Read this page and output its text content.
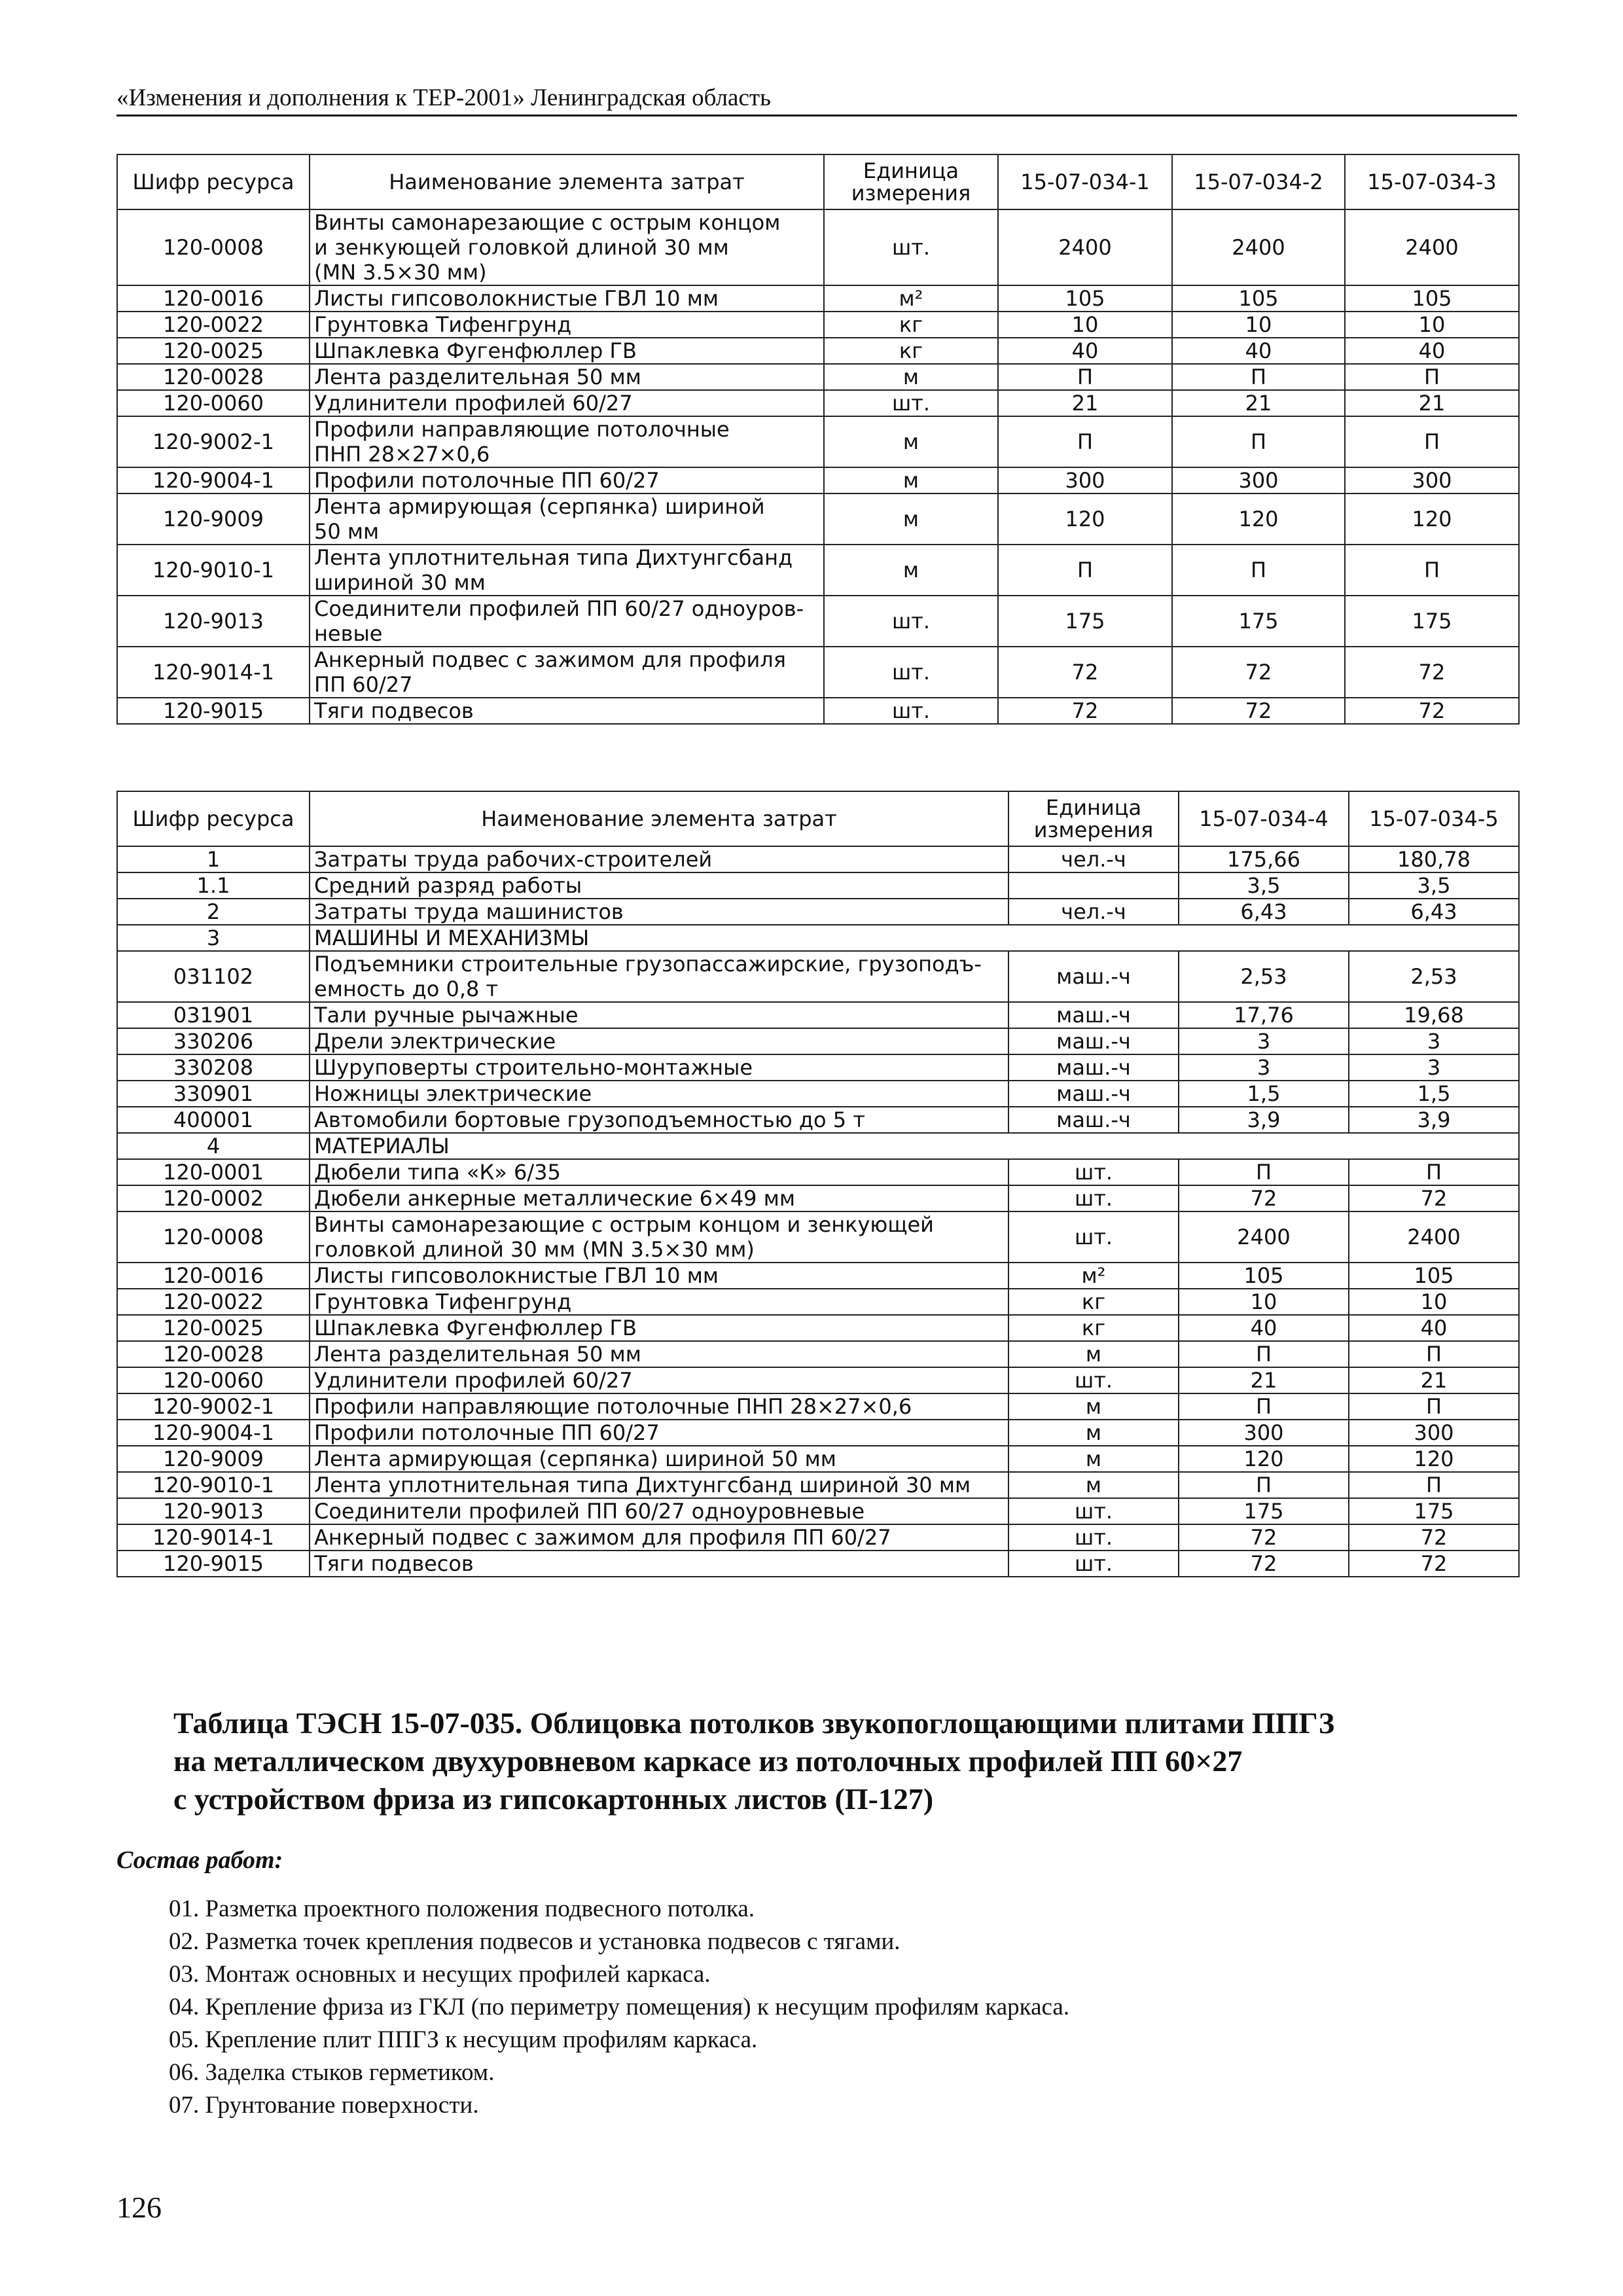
«Изменения и дополнения к ТЕР-2001» Ленинградская область
Шифр ресурса	Наименование элемента затрат	Единица
измерения	15-07-034-1	15-07-034-2	15-07-034-3
120-0008	Винты самонарезающие с острым концом
и зенкующей головкой длиной 30 мм
(MN 3.5×30 мм)	шт.	2400	2400	2400
120-0016	Листы гипсоволокнистые ГВЛ 10 мм	м²	105	105	105
120-0022	Грунтовка Тифенгрунд	кг	10	10	10
120-0025	Шпаклевка Фугенфюллер ГВ	кг	40	40	40
120-0028	Лента разделительная 50 мм	м	П	П	П
120-0060	Удлинители профилей 60/27	шт.	21	21	21
120-9002-1	Профили направляющие потолочные
ПНП 28×27×0,6	м	П	П	П
120-9004-1	Профили потолочные ПП 60/27	м	300	300	300
120-9009	Лента армирующая (серпянка) шириной
50 мм	м	120	120	120
120-9010-1	Лента уплотнительная типа Дихтунгсбанд
шириной 30 мм	м	П	П	П
120-9013	Соединители профилей ПП 60/27 одноуров-
невые	шт.	175	175	175
120-9014-1	Анкерный подвес с зажимом для профиля
ПП 60/27	шт.	72	72	72
120-9015	Тяги подвесов	шт.	72	72	72
Шифр ресурса	Наименование элемента затрат	Единица
измерения	15-07-034-4	15-07-034-5
1	Затраты труда рабочих-строителей	чел.-ч	175,66	180,78
1.1	Средний разряд работы		3,5	3,5
2	Затраты труда машинистов	чел.-ч	6,43	6,43
3	МАШИНЫ И МЕХАНИЗМЫ			
031102	Подъемники строительные грузопассажирские, грузоподъ-
емность до 0,8 т	маш.-ч	2,53	2,53
031901	Тали ручные рычажные	маш.-ч	17,76	19,68
330206	Дрели электрические	маш.-ч	3	3
330208	Шуруповерты строительно-монтажные	маш.-ч	3	3
330901	Ножницы электрические	маш.-ч	1,5	1,5
400001	Автомобили бортовые грузоподъемностью до 5 т	маш.-ч	3,9	3,9
4	МАТЕРИАЛЫ			
120-0001	Дюбели типа «К» 6/35	шт.	П	П
120-0002	Дюбели анкерные металлические 6×49 мм	шт.	72	72
120-0008	Винты самонарезающие с острым концом и зенкующей
головкой длиной 30 мм (MN 3.5×30 мм)	шт.	2400	2400
120-0016	Листы гипсоволокнистые ГВЛ 10 мм	м²	105	105
120-0022	Грунтовка Тифенгрунд	кг	10	10
120-0025	Шпаклевка Фугенфюллер ГВ	кг	40	40
120-0028	Лента разделительная 50 мм	м	П	П
120-0060	Удлинители профилей 60/27	шт.	21	21
120-9002-1	Профили направляющие потолочные ПНП 28×27×0,6	м	П	П
120-9004-1	Профили потолочные ПП 60/27	м	300	300
120-9009	Лента армирующая (серпянка) шириной 50 мм	м	120	120
120-9010-1	Лента уплотнительная типа Дихтунгсбанд шириной 30 мм	м	П	П
120-9013	Соединители профилей ПП 60/27 одноуровневые	шт.	175	175
120-9014-1	Анкерный подвес с зажимом для профиля ПП 60/27	шт.	72	72
120-9015	Тяги подвесов	шт.	72	72
Таблица ТЭСН 15-07-035. Облицовка потолков звукопоглощающими плитами ППГЗ
на металлическом двухуровневом каркасе из потолочных профилей ПП 60×27
с устройством фриза из гипсокартонных листов (П-127)
Состав работ:
01. Разметка проектного положения подвесного потолка.
02. Разметка точек крепления подвесов и установка подвесов с тягами.
03. Монтаж основных и несущих профилей каркаса.
04. Крепление фриза из ГКЛ (по периметру помещения) к несущим профилям каркаса.
05. Крепление плит ППГЗ к несущим профилям каркаса.
06. Заделка стыков герметиком.
07. Грунтование поверхности.
126
